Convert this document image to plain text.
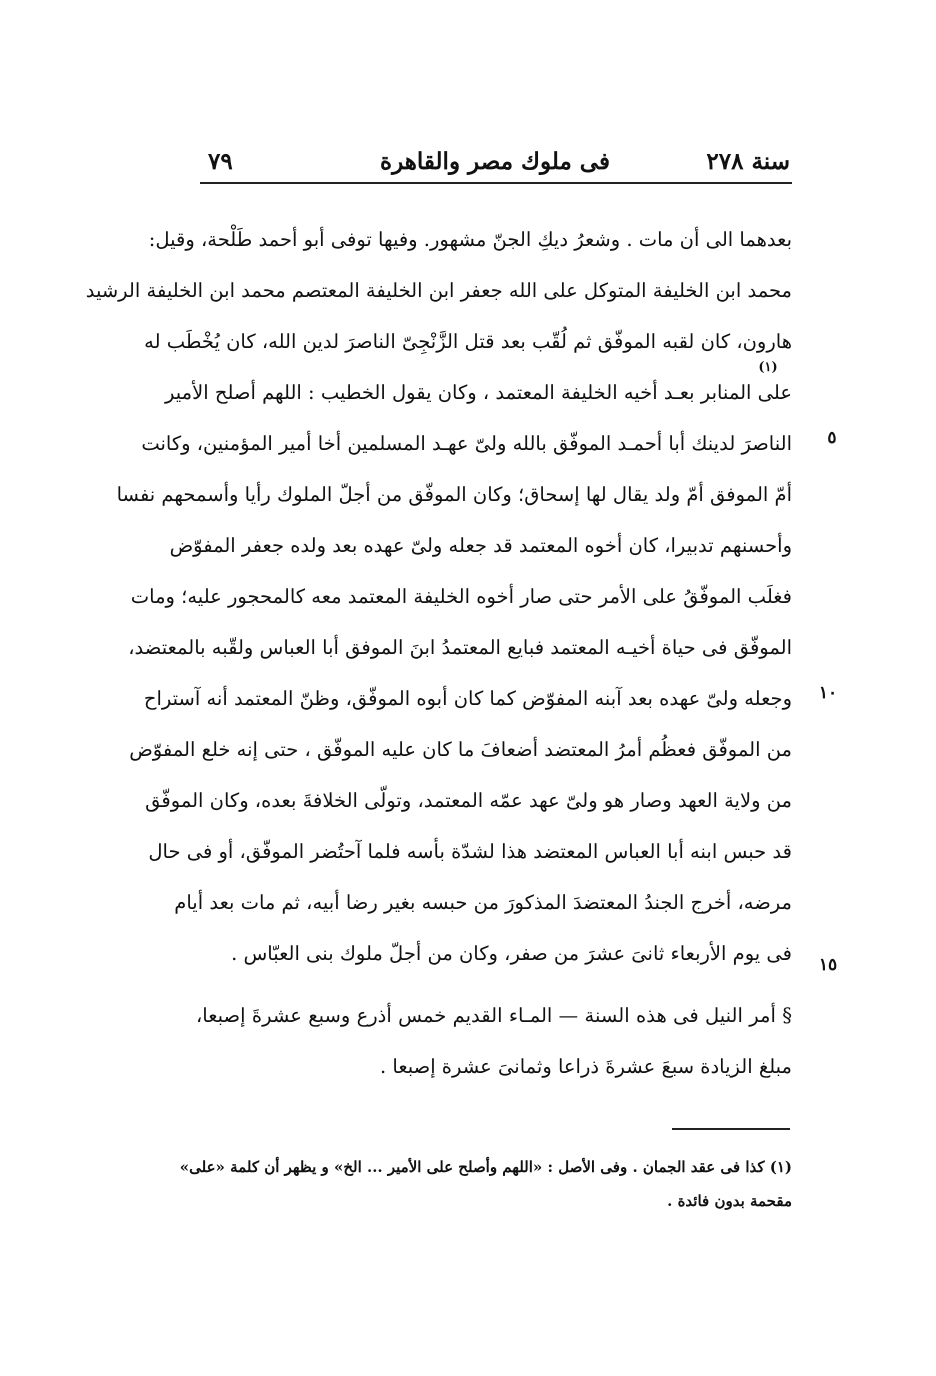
سنة ٢٧٨
فى ملوك مصر والقاهرة
٧٩
بعدهما الى أن مات . وشعرُ ديكِ الجنّ مشهور. وفيها توفى أبو أحمد طَلْحة، وقيل:
محمد ابن الخليفة المتوكل على الله جعفر ابن الخليفة المعتصم محمد ابن الخليفة الرشيد
هارون، كان لقبه الموفّق ثم لُقّب بعد قتل الزَّنْجِىّ الناصرَ لدين الله، كان يُخْطَب له
على المنابر بعـد أخيه الخليفة المعتمد ، وكان يقول الخطيب : اللهم أصلح الأمير
الناصرَ لدينك أبا أحمـد الموفّق بالله ولىّ عهـد المسلمين أخا أمير المؤمنين، وكانت
أمّ الموفق أمّ ولد يقال لها إسحاق؛ وكان الموفّق من أجلّ الملوك رأيا وأسمحهم نفسا
وأحسنهم تدبيرا، كان أخوه المعتمد قد جعله ولىّ عهده بعد ولده جعفر المفوّض
فغلَب الموفّقُ على الأمر حتى صار أخوه الخليفة المعتمد معه كالمحجور عليه؛ ومات
الموفّق فى حياة أخيـه المعتمد فبايع المعتمدُ ابنَ الموفق أبا العباس ولقّبه بالمعتضد،
وجعله ولىّ عهده بعد آبنه المفوّض كما كان أبوه الموفّق، وظنّ المعتمد أنه آستراح
من الموفّق فعظُم أمرُ المعتضد أضعافَ ما كان عليه الموفّق ، حتى إنه خلع المفوّض
من ولاية العهد وصار هو ولىّ عهد عمّه المعتمد، وتولّى الخلافةَ بعده، وكان الموفّق
قد حبس ابنه أبا العباس المعتضد هذا لشدّة بأسه فلما آحتُضر الموفّق، أو فى حال
مرضه، أخرج الجندُ المعتضدَ المذكورَ من حبسه بغير رضا أبيه، ثم مات بعد أيام
فى يوم الأربعاء ثانىَ عشرَ من صفر، وكان من أجلّ ملوك بنى العبّاس .
§ أمر النيل فى هذه السنة — المـاء القديم خمس أذرع وسبع عشرةَ إصبعا،
مبلغ الزيادة سبعَ عشرةَ ذراعا وثمانىَ عشرة إصبعا .
(١)
٥
١٠
١٥
(١) كذا فى عقد الجمان . وفى الأصل : «اللهم وأصلح على الأمير ... الخ» و يظهر أن كلمة «على»
مقحمة بدون فائدة .
